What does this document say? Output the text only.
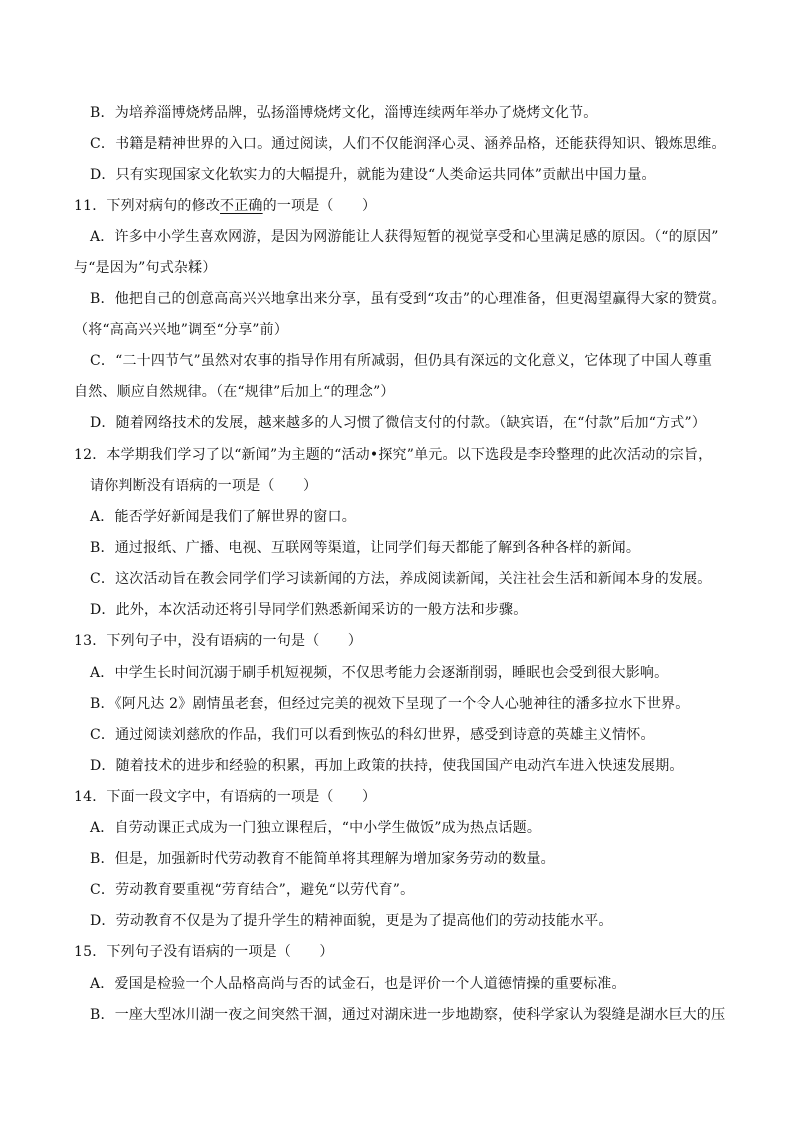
B．为培养淄博烧烤品牌，弘扬淄博烧烤文化，淄博连续两年举办了烧烤文化节。
C．书籍是精神世界的入口。通过阅读，人们不仅能润泽心灵、涵养品格，还能获得知识、锻炼思维。
D．只有实现国家文化软实力的大幅提升，就能为建设“人类命运共同体”贡献出中国力量。
11．下列对病句的修改不正确的一项是（　　）
A．许多中小学生喜欢网游，是因为网游能让人获得短暂的视觉享受和心里满足感的原因。（“的原因”
与“是因为”句式杂糅）
B．他把自己的创意高高兴兴地拿出来分享，虽有受到“攻击”的心理准备，但更渴望赢得大家的赞赏。
（将“高高兴兴地”调至“分享”前）
C．“二十四节气”虽然对农事的指导作用有所减弱，但仍具有深远的文化意义，它体现了中国人尊重
自然、顺应自然规律。（在“规律”后加上“的理念”）
D．随着网络技术的发展，越来越多的人习惯了微信支付的付款。（缺宾语，在“付款”后加“方式”）
12．本学期我们学习了以“新闻”为主题的“活动•探究”单元。以下选段是李玲整理的此次活动的宗旨，
请你判断没有语病的一项是（　　）
A．能否学好新闻是我们了解世界的窗口。
B．通过报纸、广播、电视、互联网等渠道，让同学们每天都能了解到各种各样的新闻。
C．这次活动旨在教会同学们学习读新闻的方法，养成阅读新闻，关注社会生活和新闻本身的发展。
D．此外，本次活动还将引导同学们熟悉新闻采访的一般方法和步骤。
13．下列句子中，没有语病的一句是（　　）
A．中学生长时间沉溺于刷手机短视频，不仅思考能力会逐渐削弱，睡眠也会受到很大影响。
B．《阿凡达 2》剧情虽老套，但经过完美的视效下呈现了一个令人心驰神往的潘多拉水下世界。
C．通过阅读刘慈欣的作品，我们可以看到恢弘的科幻世界，感受到诗意的英雄主义情怀。
D．随着技术的进步和经验的积累，再加上政策的扶持，使我国国产电动汽车进入快速发展期。
14．下面一段文字中，有语病的一项是（　　）
A．自劳动课正式成为一门独立课程后，“中小学生做饭”成为热点话题。
B．但是，加强新时代劳动教育不能简单将其理解为增加家务劳动的数量。
C．劳动教育要重视“劳育结合”，避免“以劳代育”。
D．劳动教育不仅是为了提升学生的精神面貌，更是为了提高他们的劳动技能水平。
15．下列句子没有语病的一项是（　　）
A．爱国是检验一个人品格高尚与否的试金石，也是评价一个人道德情操的重要标准。
B．一座大型冰川湖一夜之间突然干涸，通过对湖床进一步地勘察，使科学家认为裂缝是湖水巨大的压
